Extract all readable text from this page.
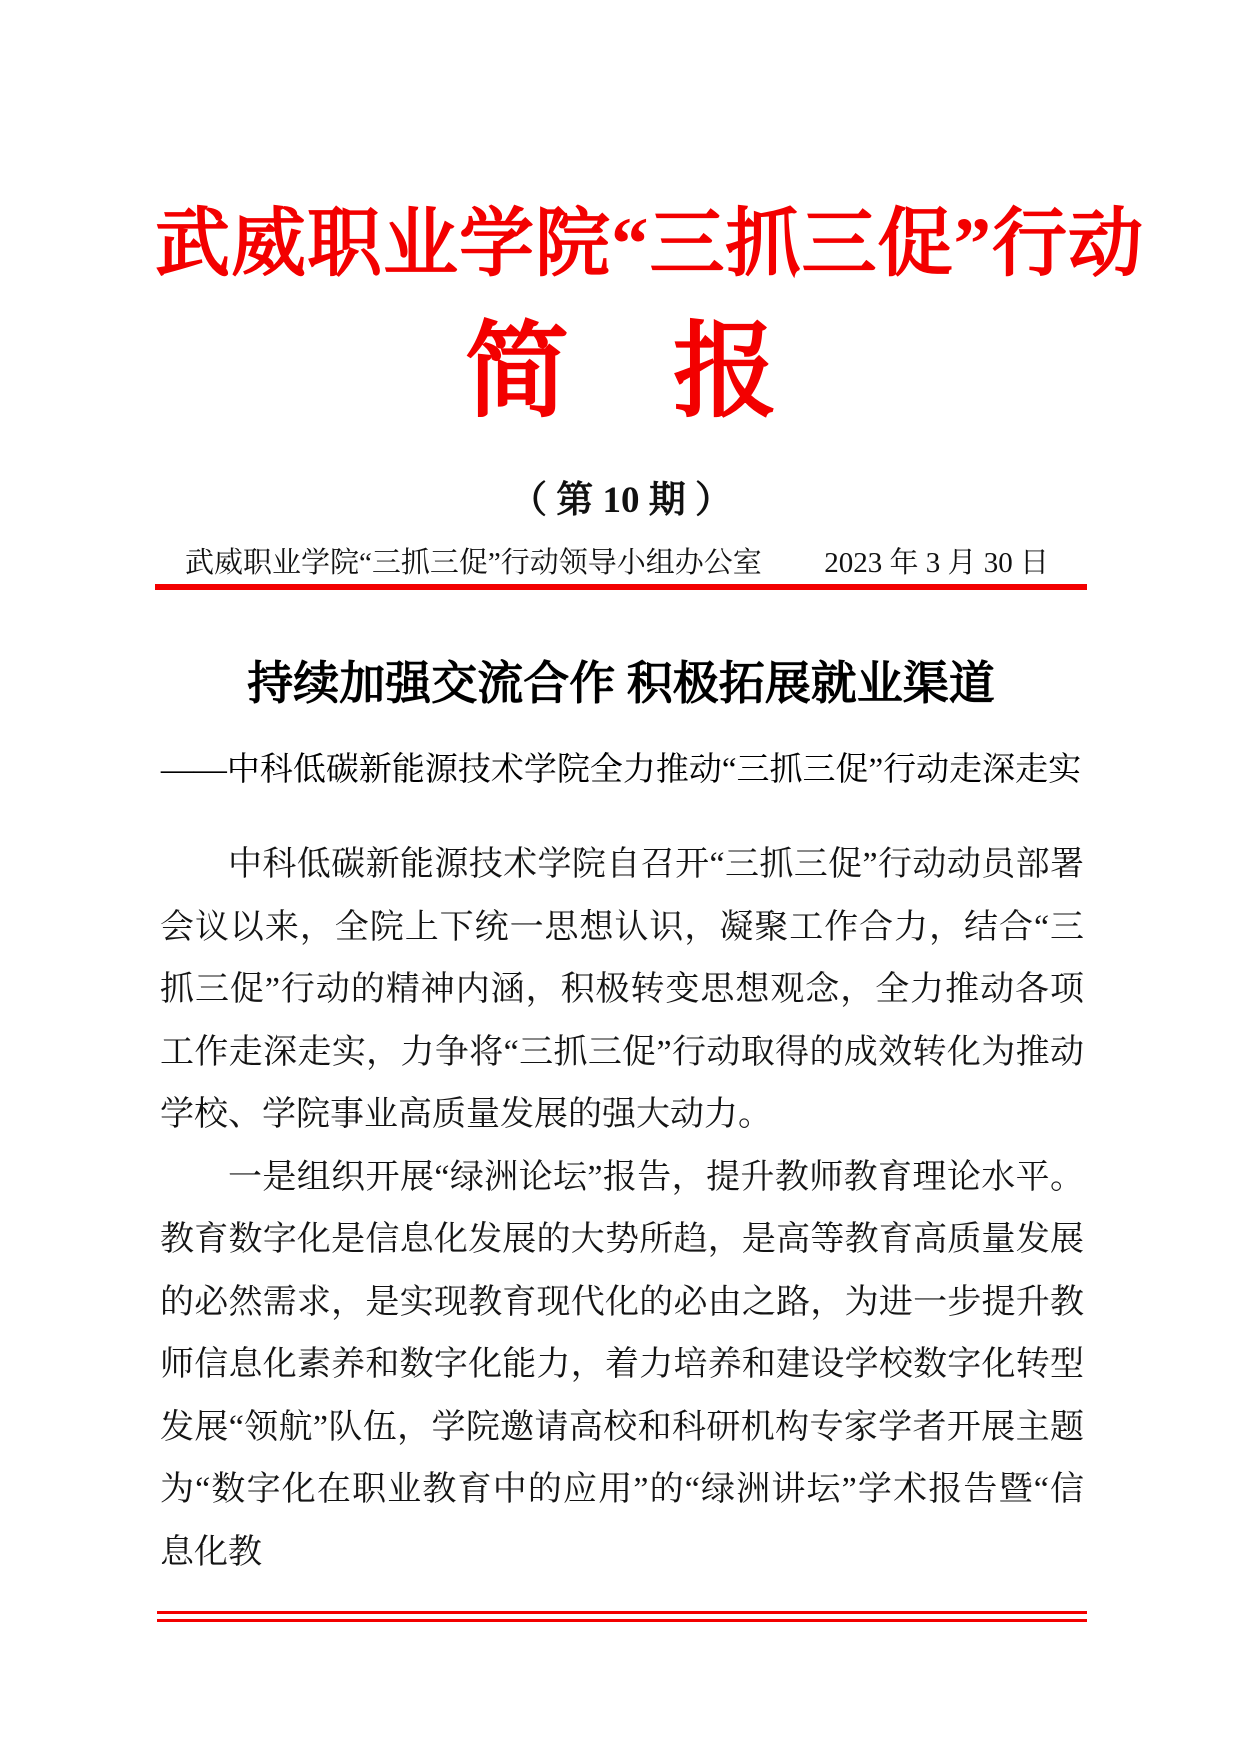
武威职业学院“三抓三促”行动
简　报
（ 第 10 期 ）
武威职业学院“三抓三促”行动领导小组办公室 2023 年 3 月 30 日
持续加强交流合作 积极拓展就业渠道
——中科低碳新能源技术学院全力推动“三抓三促”行动走深走实

中科低碳新能源技术学院自召开“三抓三促”行动动员部署会议以来，全院上下统一思想认识，凝聚工作合力，结合“三抓三促”行动的精神内涵，积极转变思想观念，全力推动各项工作走深走实，力争将“三抓三促”行动取得的成效转化为推动学校、学院事业高质量发展的强大动力。

一是组织开展“绿洲论坛”报告，提升教师教育理论水平。教育数字化是信息化发展的大势所趋，是高等教育高质量发展的必然需求，是实现教育现代化的必由之路，为进一步提升教师信息化素养和数字化能力，着力培养和建设学校数字化转型发展“领航”队伍，学院邀请高校和科研机构专家学者开展主题为“数字化在职业教育中的应用”的“绿洲讲坛”学术报告暨“信息化教
